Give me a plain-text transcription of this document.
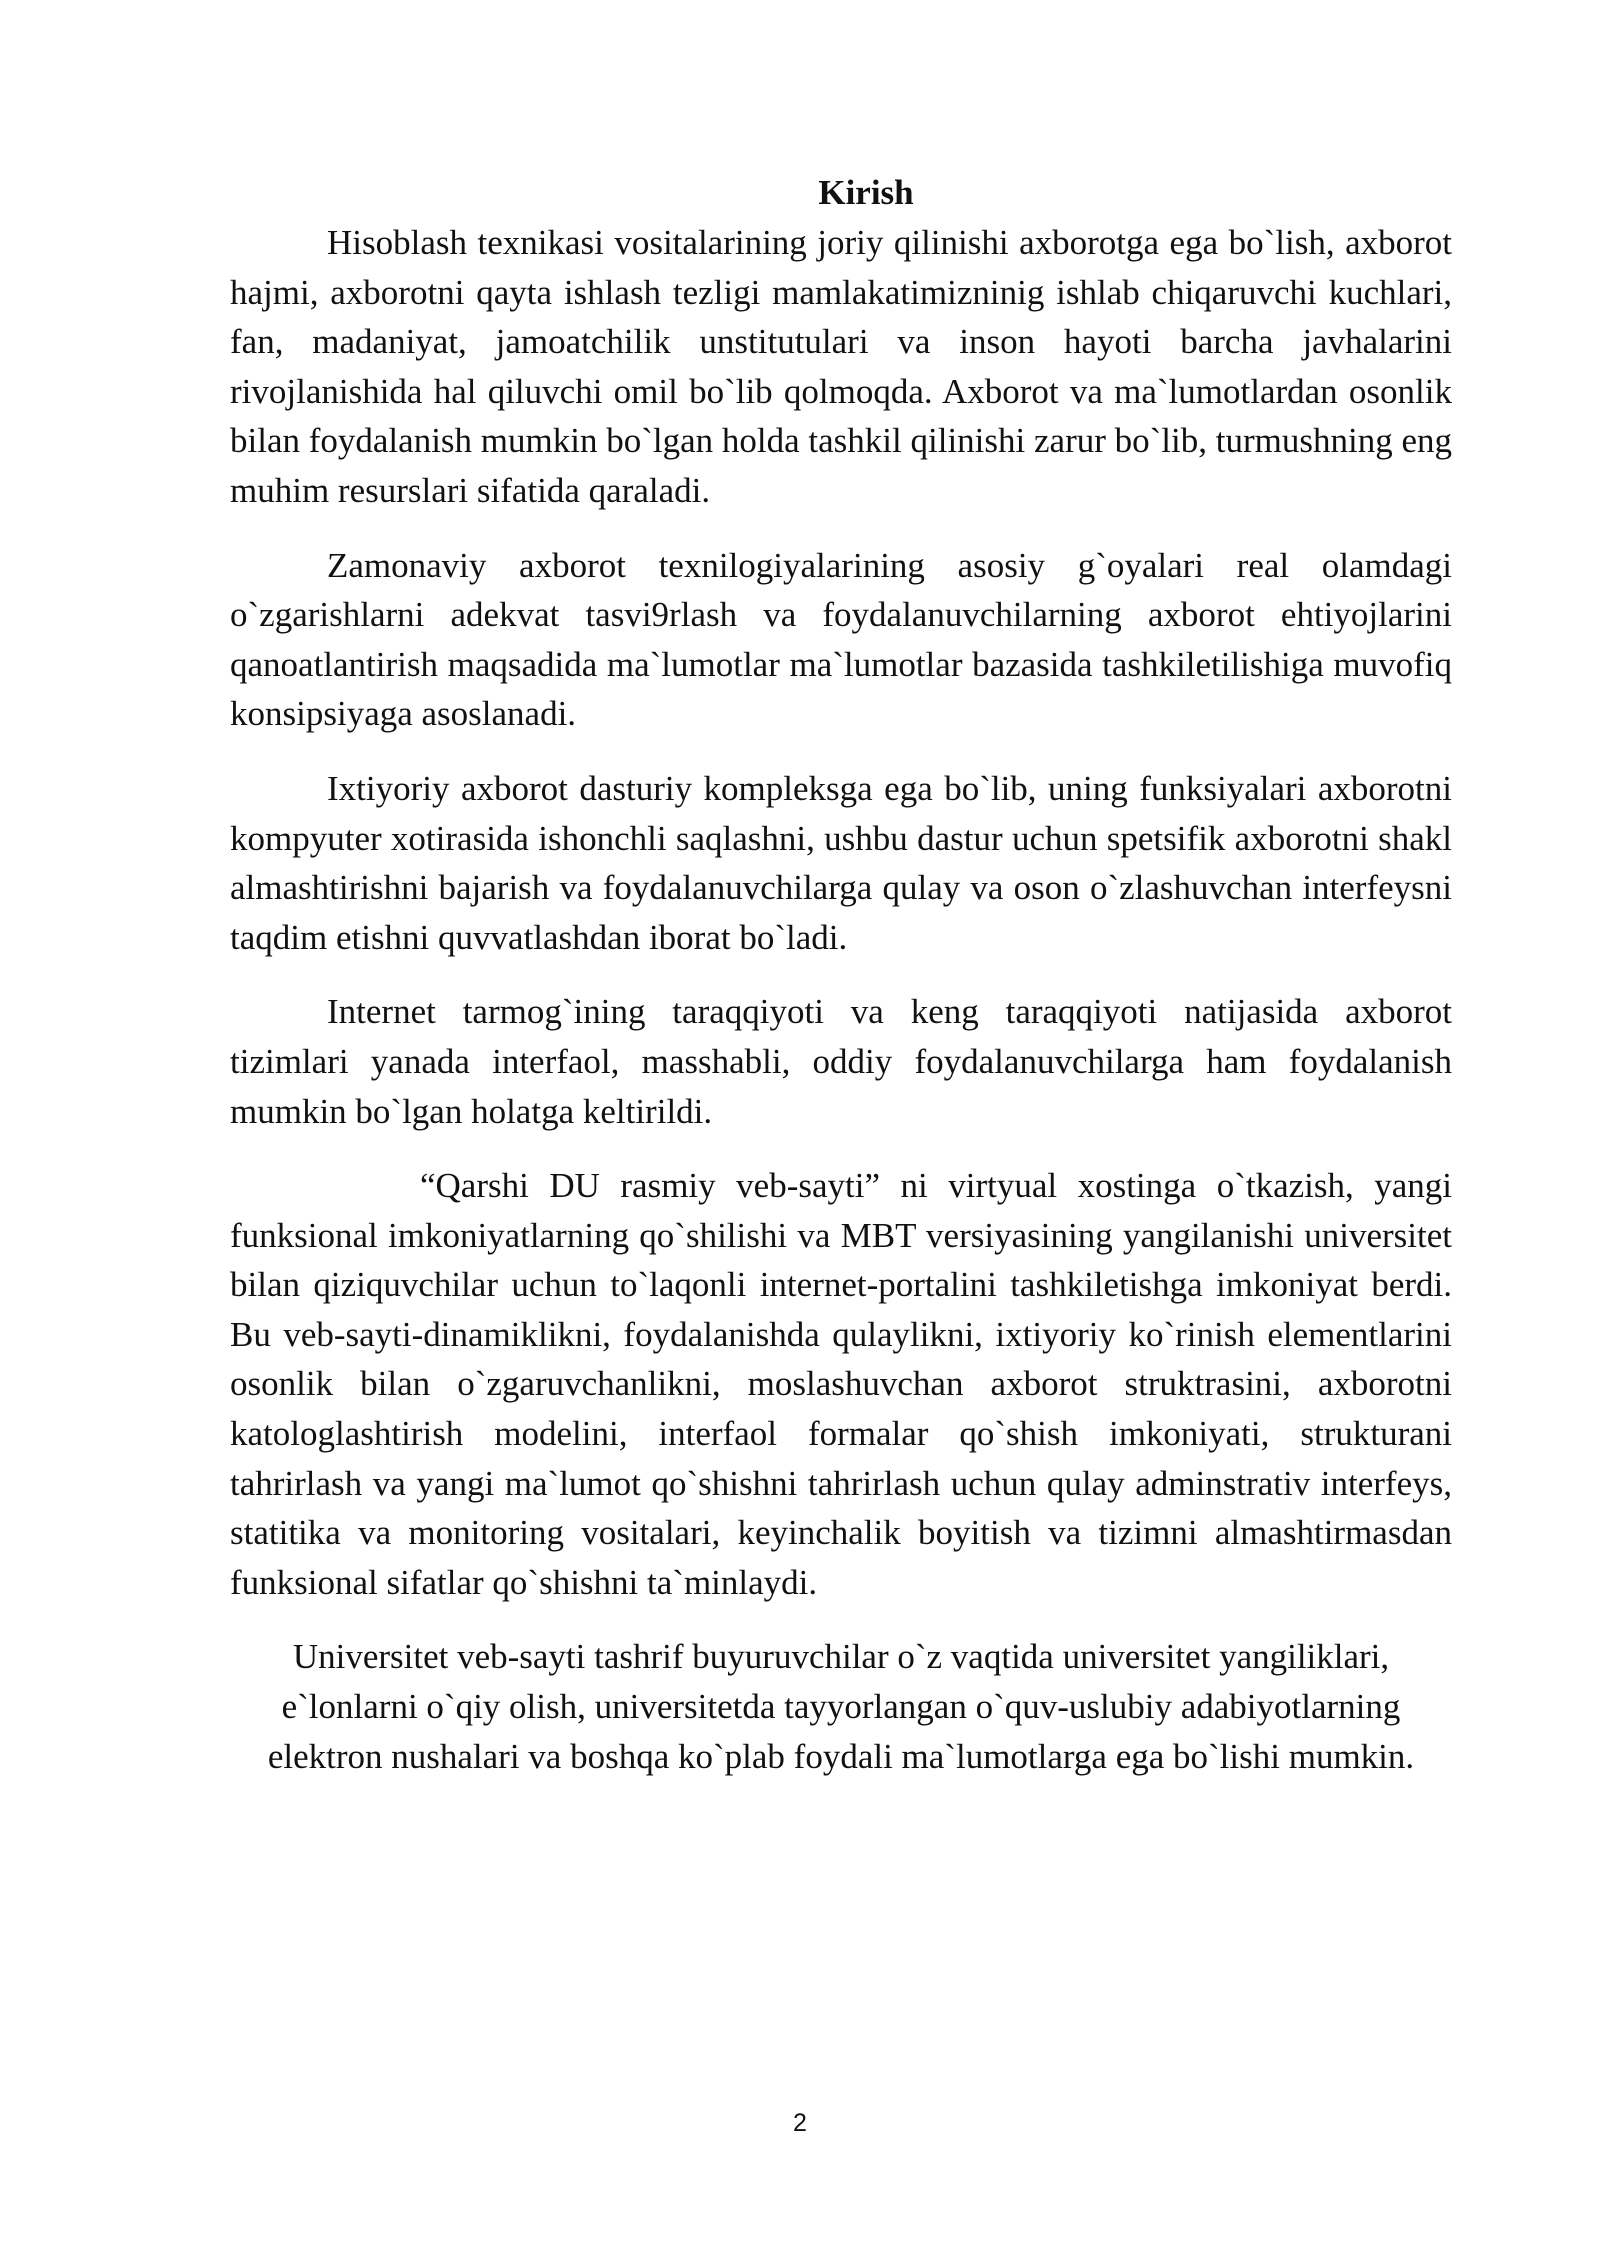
Kirish

Hisoblash texnikasi vositalarining joriy qilinishi axborotga ega bo`lish, axborot hajmi, axborotni qayta ishlash tezligi mamlakatimizninig ishlab chiqaruvchi kuchlari, fan, madaniyat, jamoatchilik unstitutulari va inson hayoti barcha javhalarini rivojlanishida hal qiluvchi omil bo`lib qolmoqda. Axborot va ma`lumotlardan osonlik bilan foydalanish mumkin bo`lgan holda tashkil qilinishi zarur bo`lib, turmushning eng muhim resurslari sifatida qaraladi.

Zamonaviy axborot texnilogiyalarining asosiy g`oyalari real olamdagi o`zgarishlarni adekvat tasvi9rlash va foydalanuvchilarning axborot ehtiyojlarini qanoatlantirish maqsadida ma`lumotlar ma`lumotlar bazasida tashkiletilishiga muvofiq konsipsiyaga asoslanadi.

Ixtiyoriy axborot dasturiy kompleksga ega bo`lib, uning funksiyalari axborotni kompyuter xotirasida ishonchli saqlashni, ushbu dastur uchun spetsifik axborotni shakl almashtirishni bajarish va foydalanuvchilarga qulay va oson o`zlashuvchan interfeysni taqdim etishni quvvatlashdan iborat bo`ladi.

Internet tarmog`ining taraqqiyoti va keng taraqqiyoti natijasida axborot tizimlari yanada interfaol, masshabli, oddiy foydalanuvchilarga ham foydalanish mumkin bo`lgan holatga keltirildi.

“Qarshi DU rasmiy veb-sayti” ni virtyual xostinga o`tkazish, yangi funksional imkoniyatlarning qo`shilishi va MBT versiyasining yangilanishi universitet bilan qiziquvchilar uchun to`laqonli internet-portalini tashkiletishga imkoniyat berdi. Bu veb-sayti-dinamiklikni, foydalanishda qulaylikni, ixtiyoriy ko`rinish elementlarini osonlik bilan o`zgaruvchanlikni, moslashuvchan axborot struktrasini, axborotni katologlashtirish modelini, interfaol formalar qo`shish imkoniyati, strukturani tahrirlash va yangi ma`lumot qo`shishni tahrirlash uchun qulay adminstrativ interfeys, statitika va monitoring vositalari, keyinchalik boyitish va tizimni almashtirmasdan funksional sifatlar qo`shishni ta`minlaydi.

Universitet veb-sayti tashrif buyuruvchilar o`z vaqtida universitet yangiliklari, e`lonlarni o`qiy olish, universitetda tayyorlangan o`quv-uslubiy adabiyotlarning elektron nushalari va boshqa ko`plab foydali ma`lumotlarga ega bo`lishi mumkin.

2
